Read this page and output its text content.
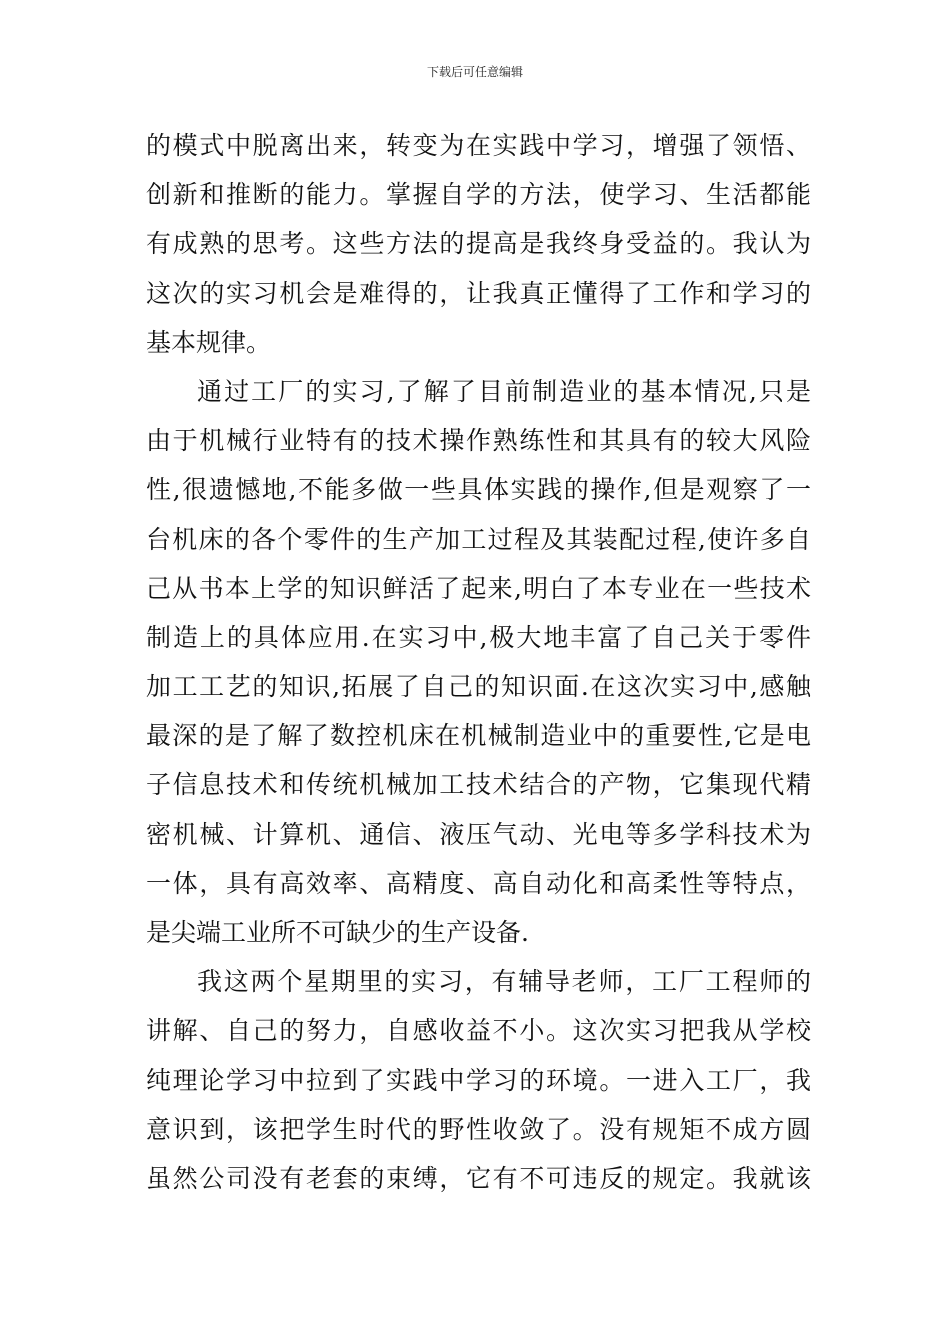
下载后可任意编辑
的模式中脱离出来，转变为在实践中学习，增强了领悟、
创新和推断的能力。掌握自学的方法，使学习、生活都能
有成熟的思考。这些方法的提高是我终身受益的。我认为
这次的实习机会是难得的，让我真正懂得了工作和学习的
基本规律。
通过工厂的实习,了解了目前制造业的基本情况,只是
由于机械行业特有的技术操作熟练性和其具有的较大风险
性,很遗憾地,不能多做一些具体实践的操作,但是观察了一
台机床的各个零件的生产加工过程及其装配过程,使许多自
己从书本上学的知识鲜活了起来,明白了本专业在一些技术
制造上的具体应用.在实习中,极大地丰富了自己关于零件
加工工艺的知识,拓展了自己的知识面.在这次实习中,感触
最深的是了解了数控机床在机械制造业中的重要性,它是电
子信息技术和传统机械加工技术结合的产物，它集现代精
密机械、计算机、通信、液压气动、光电等多学科技术为
一体，具有高效率、高精度、高自动化和高柔性等特点，
是尖端工业所不可缺少的生产设备.
我这两个星期里的实习，有辅导老师，工厂工程师的
讲解、自己的努力，自感收益不小。这次实习把我从学校
纯理论学习中拉到了实践中学习的环境。一进入工厂，我
意识到，该把学生时代的野性收敛了。没有规矩不成方圆
虽然公司没有老套的束缚，它有不可违反的规定。我就该
